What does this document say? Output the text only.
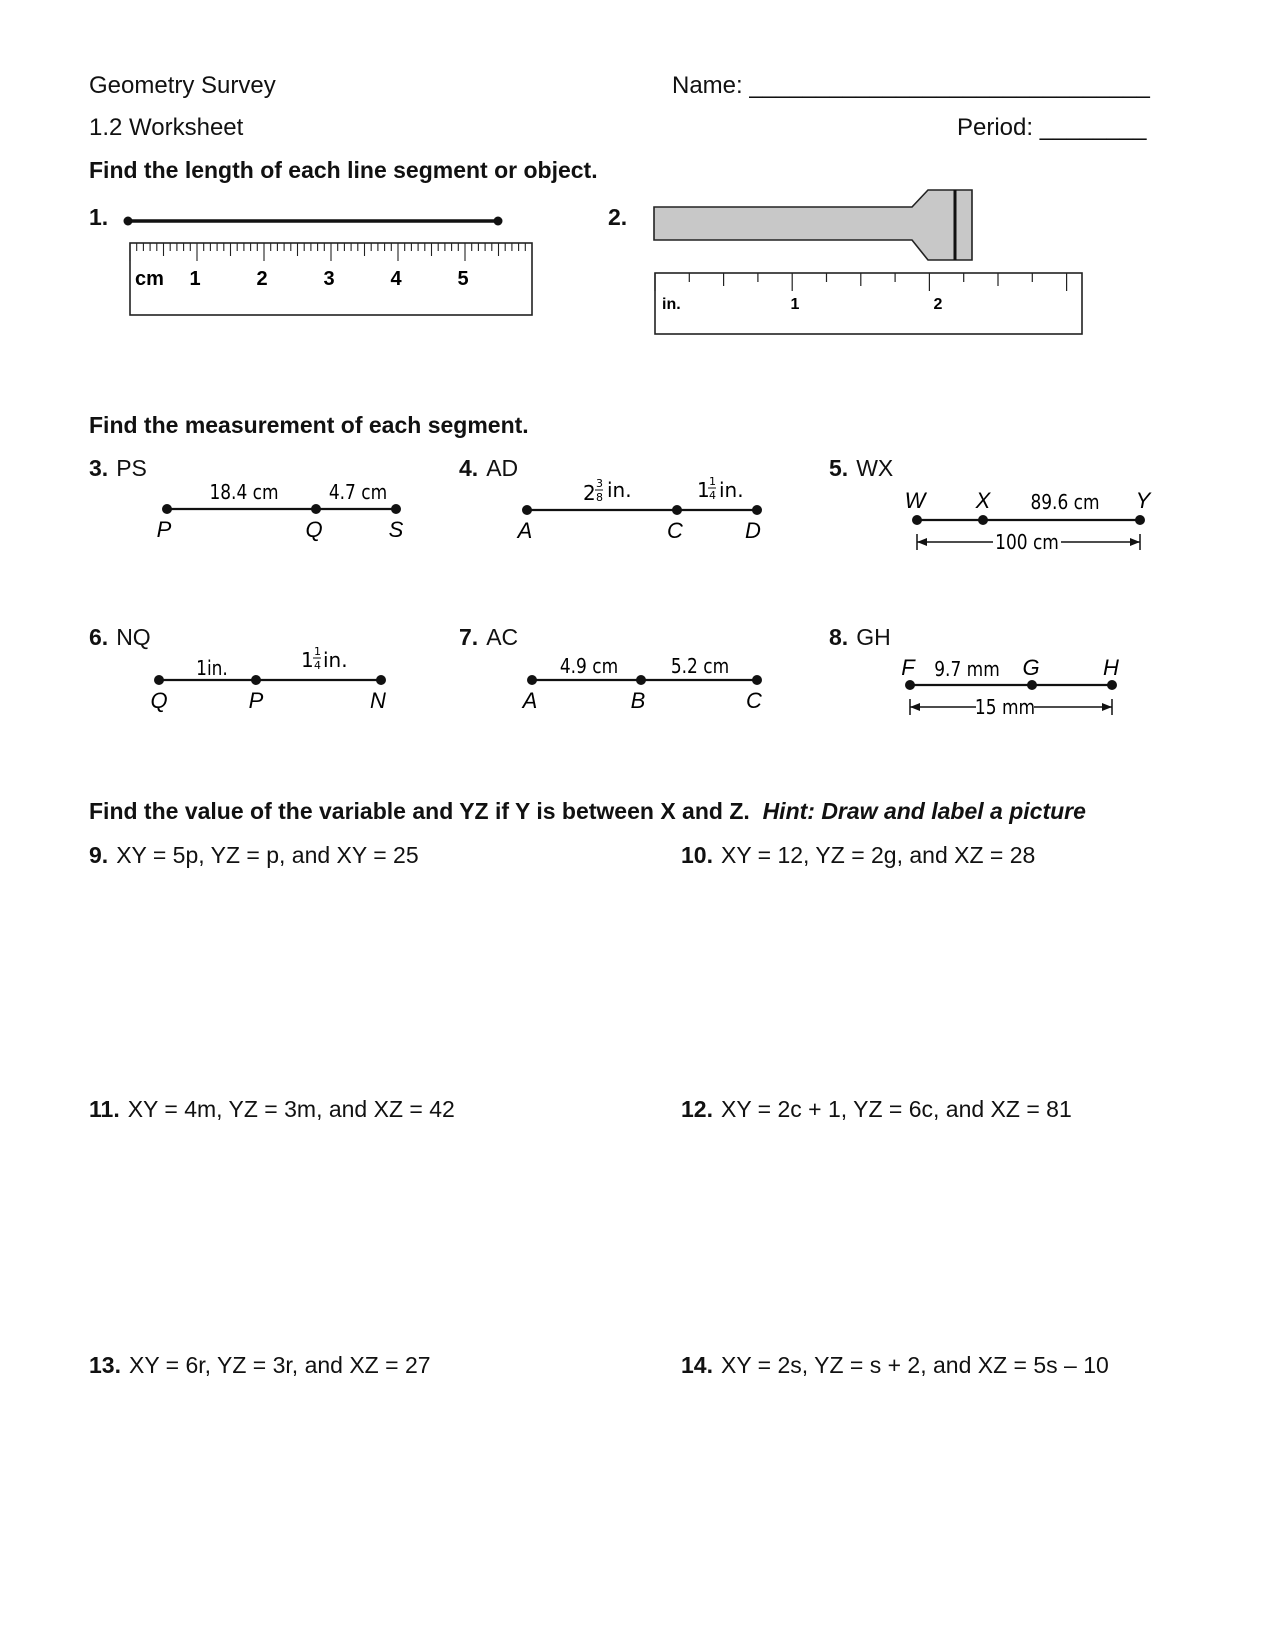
Geometry Survey
1.2 Worksheet
Name: ______________________________
Period: ________
Find the length of each line segment or object.
1.
cm 1	2	3	4	5
2.
in.	1	2
Find the measurement of each segment.
3. PS
18.4 cm	4.7 cm
P	Q	S
4. AD
2 3
8 in.	1 1
4 in.
A	C	D
5. WX
W X	Y
89.6 cm
100 cm
6. NQ
1in.	1 1
4 in.
Q	P	N
7. AC
4.9 cm	5.2 cm
A	B	C
8. GH
F	G	H
9.7 mm
15 mm
Find the value of the variable and YZ if Y is between X and Z. Hint: Draw and label a picture
9. XY = 5p, YZ = p, and XY = 25	10. XY = 12, YZ = 2g, and XZ = 28
11. XY = 4m, YZ = 3m, and XZ = 42	12. XY = 2c + 1, YZ = 6c, and XZ = 81
13. XY = 6r, YZ = 3r, and XZ = 27	14. XY = 2s, YZ = s + 2, and XZ = 5s – 10
